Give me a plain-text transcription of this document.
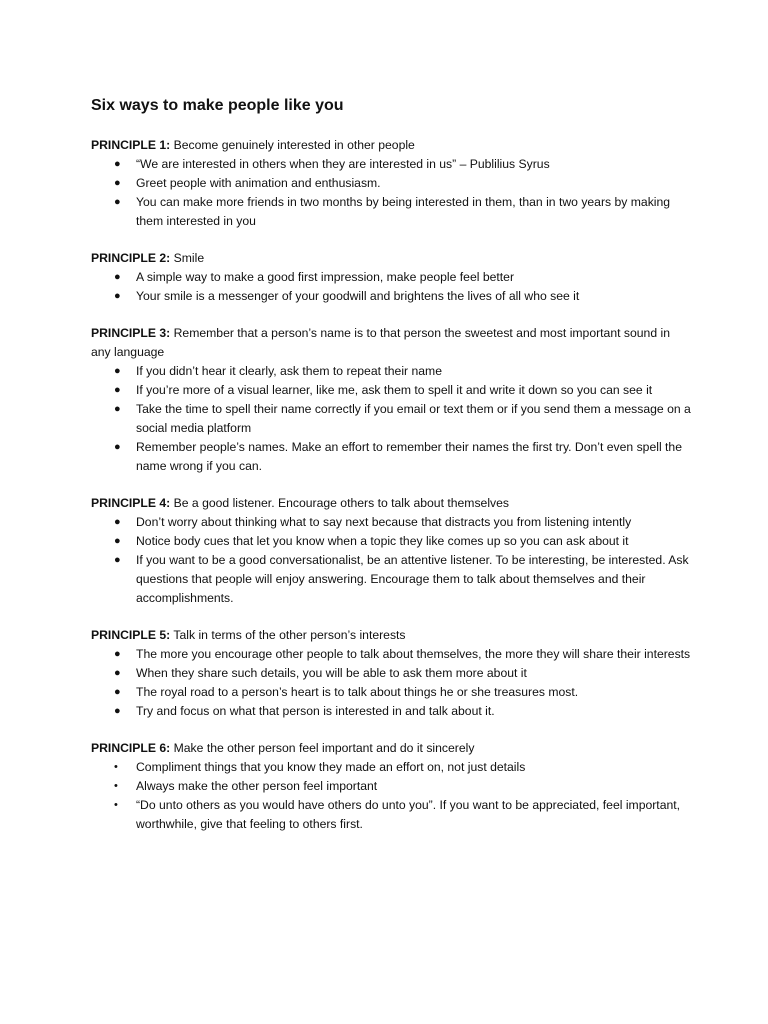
Six ways to make people like you

PRINCIPLE 1: Become genuinely interested in other people

● “We are interested in others when they are interested in us” – Publilius Syrus
● Greet people with animation and enthusiasm.
● You can make more friends in two months by being interested in them, than in two years by making them interested in you

PRINCIPLE 2: Smile

● A simple way to make a good first impression, make people feel better
● Your smile is a messenger of your goodwill and brightens the lives of all who see it

PRINCIPLE 3: Remember that a person’s name is to that person the sweetest and most important sound in any language

● If you didn’t hear it clearly, ask them to repeat their name
● If you’re more of a visual learner, like me, ask them to spell it and write it down so you can see it
● Take the time to spell their name correctly if you email or text them or if you send them a message on a social media platform
● Remember people’s names. Make an effort to remember their names the first try. Don’t even spell the name wrong if you can.

PRINCIPLE 4: Be a good listener. Encourage others to talk about themselves

● Don’t worry about thinking what to say next because that distracts you from listening intently
● Notice body cues that let you know when a topic they like comes up so you can ask about it
● If you want to be a good conversationalist, be an attentive listener. To be interesting, be interested. Ask questions that people will enjoy answering. Encourage them to talk about themselves and their accomplishments.

PRINCIPLE 5: Talk in terms of the other person’s interests

● The more you encourage other people to talk about themselves, the more they will share their interests
● When they share such details, you will be able to ask them more about it
● The royal road to a person’s heart is to talk about things he or she treasures most.
● Try and focus on what that person is interested in and talk about it.

PRINCIPLE 6: Make the other person feel important and do it sincerely

• Compliment things that you know they made an effort on, not just details
• Always make the other person feel important
• “Do unto others as you would have others do unto you”. If you want to be appreciated, feel important, worthwhile, give that feeling to others first.
